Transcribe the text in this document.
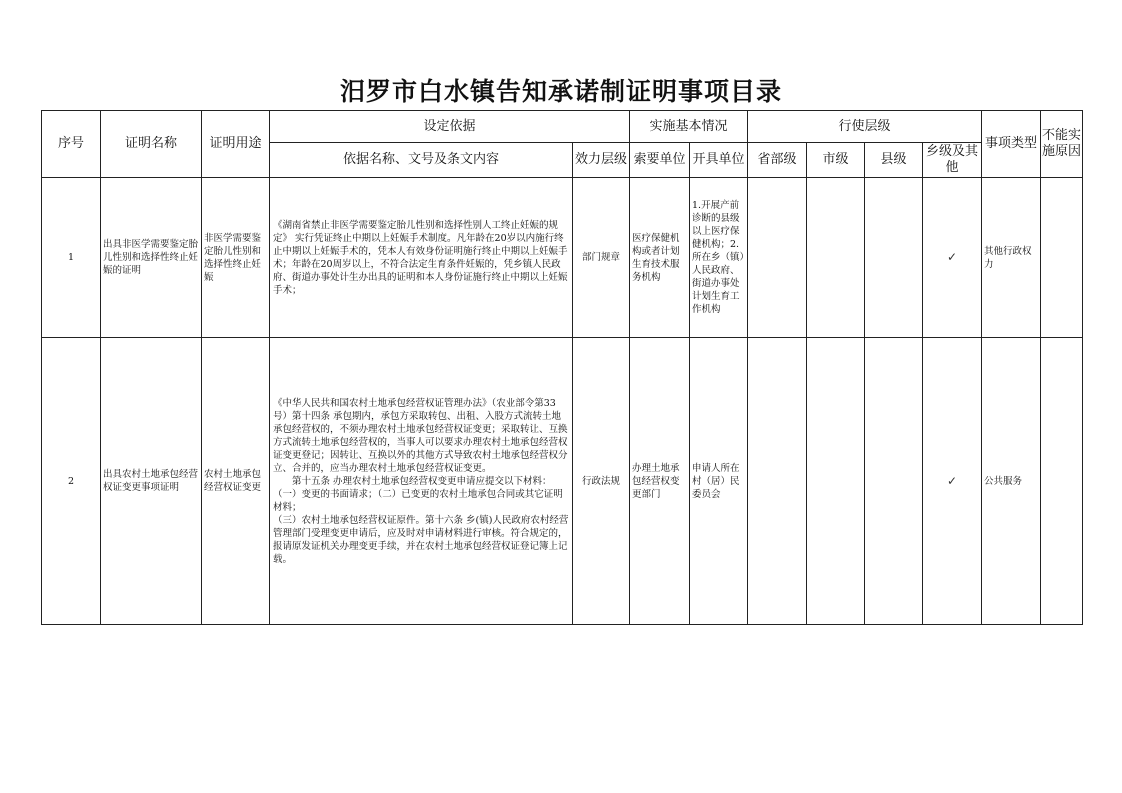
汨罗市白水镇告知承诺制证明事项目录
序号	证明名称	证明用途	设定依据		实施基本情况		行使层级				事项类型	不能实施原因
			依据名称、文号及条文内容	效力层级	索要单位	开具单位	省部级	市级	县级	乡级及其他		
1	出具非医学需要鉴定胎儿性别和选择性终止妊娠的证明	非医学需要鉴定胎儿性别和选择性终止妊娠	《湖南省禁止非医学需要鉴定胎儿性别和选择性别人工终止妊娠的规定》 实行凭证终止中期以上妊娠手术制度。凡年龄在20岁以内施行终止中期以上妊娠手术的，凭本人有效身份证明施行终止中期以上妊娠手术；年龄在20周岁以上，不符合法定生育条件妊娠的，凭乡镇人民政府、街道办事处计生办出具的证明和本人身份证施行终止中期以上妊娠手术；	部门规章	医疗保健机构或者计划生育技术服务机构	1.开展产前诊断的县级以上医疗保健机构；2.所在乡（镇）人民政府、街道办事处计划生育工作机构				✓	其他行政权力	
2	出具农村土地承包经营权证变更事项证明	农村土地承包经营权证变更	《中华人民共和国农村土地承包经营权证管理办法》（农业部令第33号）第十四条 承包期内，承包方采取转包、出租、入股方式流转土地承包经营权的，不须办理农村土地承包经营权证变更；采取转让、互换方式流转土地承包经营权的，当事人可以要求办理农村土地承包经营权证变更登记；因转让、互换以外的其他方式导致农村土地承包经营权分立、合并的，应当办理农村土地承包经营权证变更。
　　第十五条 办理农村土地承包经营权变更申请应提交以下材料：
（一）变更的书面请求；（二）已变更的农村土地承包合同或其它证明材料；
（三）农村土地承包经营权证原件。第十六条 乡(镇)人民政府农村经营管理部门受理变更申请后，应及时对申请材料进行审核。符合规定的，报请原发证机关办理变更手续，并在农村土地承包经营权证登记簿上记载。	行政法规	办理土地承包经营权变更部门	申请人所在村（居）民委员会				✓	公共服务	
